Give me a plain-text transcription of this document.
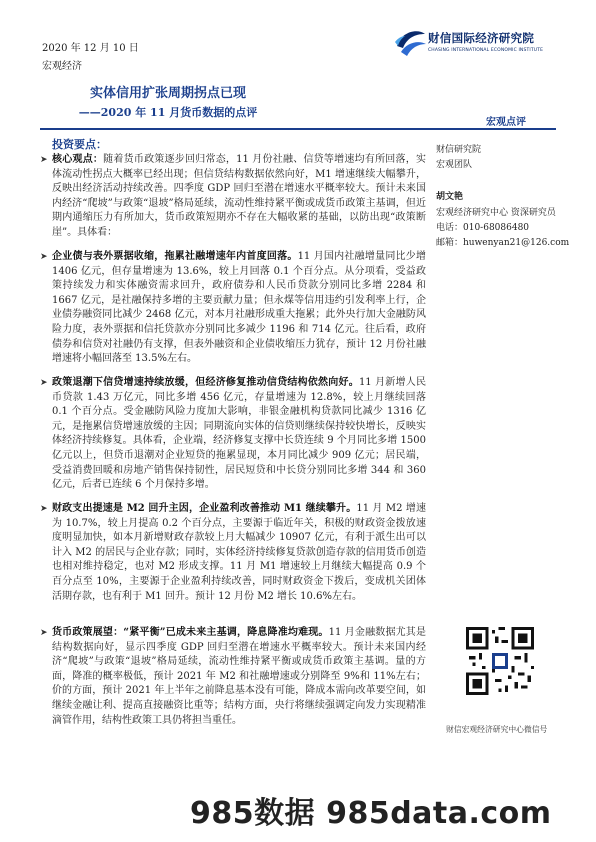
2020 年 12 月 10 日
宏观经济
财信国际经济研究院
CHASING INTERNATIONAL ECONOMIC INSTITUTE
实体信用扩张周期拐点已现
——2020 年 11 月货币数据的点评
宏观点评
投资要点：
➤ 核心观点：随着货币政策逐步回归常态，11 月份社融、信贷等增速均有所回落，实体流动性拐点大概率已经出现；但信贷结构数据依然向好，M1 增速继续大幅攀升，反映出经济活动持续改善。四季度 GDP 回归至潜在增速水平概率较大。预计未来国内经济“爬坡”与政策“退坡”格局延续，流动性维持紧平衡或成货币政策主基调，但近期内通缩压力有所加大，货币政策短期亦不存在大幅收紧的基础，以防出现“政策断崖”。具体看：
➤ 企业债与表外票据收缩，拖累社融增速年内首度回落。11 月国内社融增量同比少增 1406 亿元，但存量增速为 13.6%，较上月回落 0.1 个百分点。从分项看，受益政策持续发力和实体融资需求回升，政府债券和人民币贷款分别同比多增 2284 和 1667 亿元，是社融保持多增的主要贡献力量；但永煤等信用违约引发利率上行，企业债券融资同比减少 2468 亿元，对本月社融形成重大拖累；此外央行加大金融防风险力度，表外票据和信托贷款亦分别同比多减少 1196 和 714 亿元。往后看，政府债券和信贷对社融仍有支撑，但表外融资和企业债收缩压力犹存，预计 12 月份社融增速将小幅回落至 13.5%左右。
➤ 政策退潮下信贷增速持续放缓，但经济修复推动信贷结构依然向好。11 月新增人民币贷款 1.43 万亿元，同比多增 456 亿元，存量增速为 12.8%，较上月继续回落 0.1 个百分点。受金融防风险力度加大影响，非银金融机构贷款同比减少 1316 亿元，是拖累信贷增速放缓的主因；同期流向实体的信贷则继续保持较快增长，反映实体经济持续修复。具体看，企业端，经济修复支撑中长贷连续 9 个月同比多增 1500 亿元以上，但贷币退潮对企业短贷的拖累显现，本月同比减少 909 亿元；居民端，受益消费回暖和房地产销售保持韧性，居民短贷和中长贷分别同比多增 344 和 360 亿元，后者已连续 6 个月保持多增。
➤ 财政支出提速是 M2 回升主因，企业盈利改善推动 M1 继续攀升。11 月 M2 增速为 10.7%，较上月提高 0.2 个百分点，主要源于临近年关，积极的财政资金拨放速度明显加快，如本月新增财政存款较上月大幅减少 10907 亿元，有利于派生出可以计入 M2 的居民与企业存款；同时，实体经济持续修复贷款创造存款的信用货币创造也相对维持稳定，也对 M2 形成支撑。11 月 M1 增速较上月继续大幅提高 0.9 个百分点至 10%，主要源于企业盈利持续改善，同时财政资金下拨后，变成机关团体活期存款，也有利于 M1 回升。预计 12 月份 M2 增长 10.6%左右。
➤ 货币政策展望：“紧平衡”已成未来主基调，降息降准均难现。11 月金融数据尤其是结构数据向好，显示四季度 GDP 回归至潜在增速水平概率较大。预计未来国内经济“爬坡”与政策“退坡”格局延续，流动性维持紧平衡或成货币政策主基调。量的方面，降准的概率极低，预计 2021 年 M2 和社融增速或分别降至 9%和 11%左右；价的方面，预计 2021 年上半年之前降息基本没有可能，降成本需向改革要空间，如继续金融让利、提高直接融资比重等；结构方面，央行将继续强调定向发力实现精准滴管作用，结构性政策工具仍将担当重任。
财信研究院
宏观团队
胡文艳
宏观经济研究中心 资深研究员
电话：010-68086480
邮箱：huwenyan21@126.com
财信宏观经济研究中心微信号
985数据 985data.com
